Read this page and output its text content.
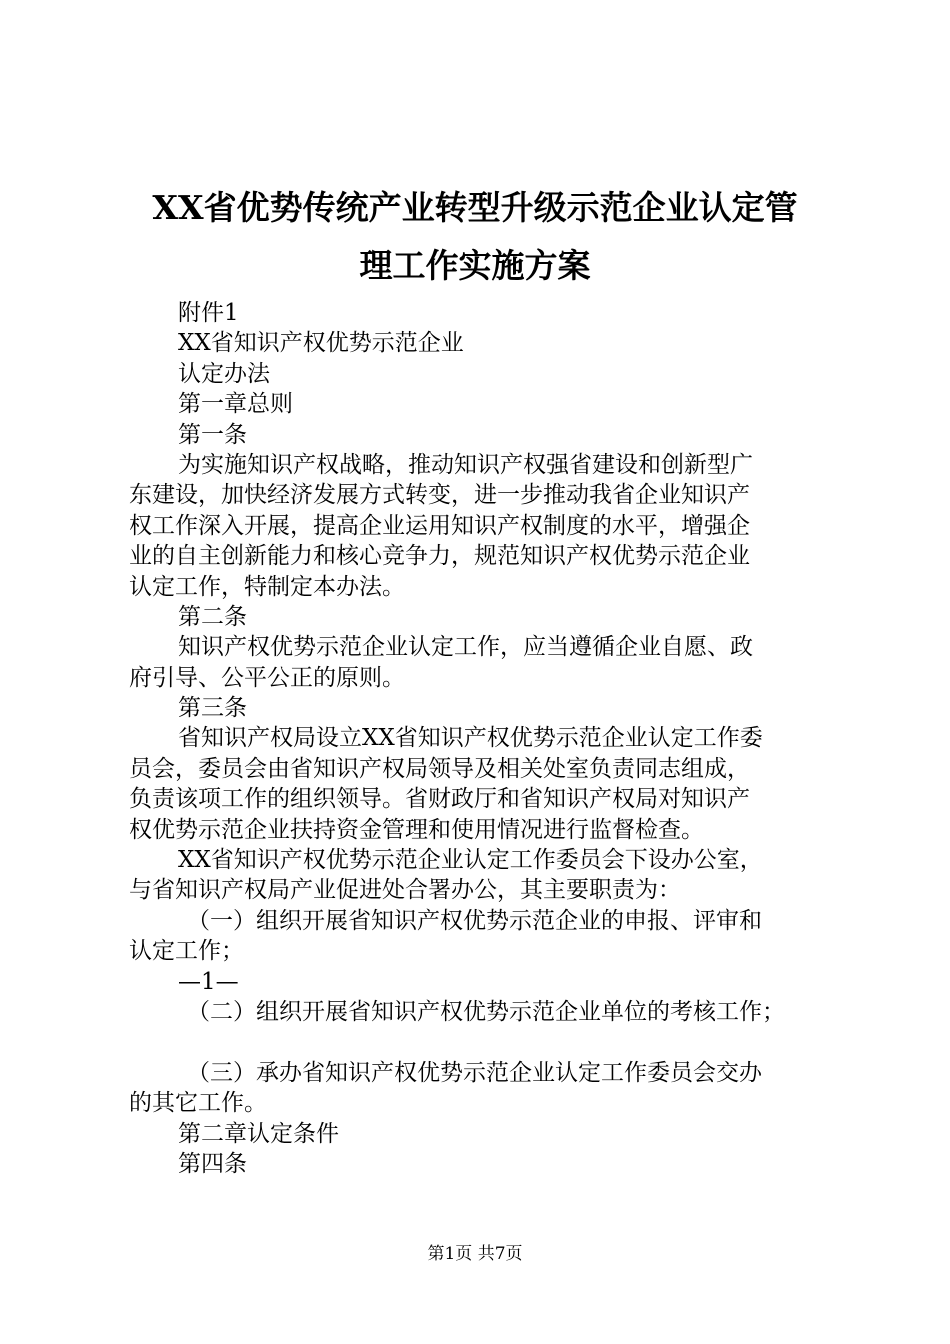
XX省优势传统产业转型升级示范企业认定管
理工作实施方案
附件1
XX省知识产权优势示范企业
认定办法
第一章总则
第一条
为实施知识产权战略，推动知识产权强省建设和创新型广
东建设，加快经济发展方式转变，进一步推动我省企业知识产
权工作深入开展，提高企业运用知识产权制度的水平，增强企
业的自主创新能力和核心竞争力，规范知识产权优势示范企业
认定工作，特制定本办法。
第二条
知识产权优势示范企业认定工作，应当遵循企业自愿、政
府引导、公平公正的原则。
第三条
省知识产权局设立XX省知识产权优势示范企业认定工作委
员会，委员会由省知识产权局领导及相关处室负责同志组成，
负责该项工作的组织领导。省财政厅和省知识产权局对知识产
权优势示范企业扶持资金管理和使用情况进行监督检查。
XX省知识产权优势示范企业认定工作委员会下设办公室，
与省知识产权局产业促进处合署办公，其主要职责为：
（一）组织开展省知识产权优势示范企业的申报、评审和
认定工作；
—1—
（二）组织开展省知识产权优势示范企业单位的考核工作；
（三）承办省知识产权优势示范企业认定工作委员会交办
的其它工作。
第二章认定条件
第四条
第1页 共7页
